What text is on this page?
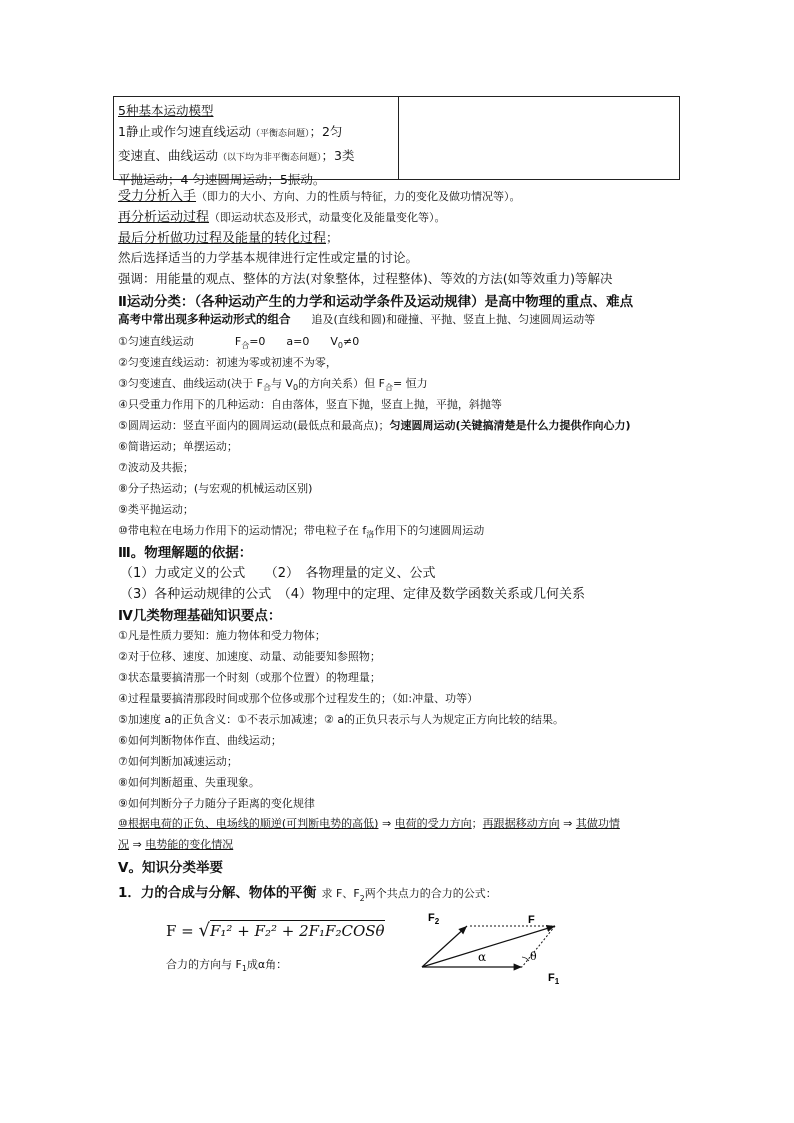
5种基本运动模型
1静止或作匀速直线运动（平衡态问题）；2匀
变速直、曲线运动（以下均为非平衡态问题）；3类
平抛运动；4 匀速圆周运动；5振动。
受力分析入手（即力的大小、方向、力的性质与特征，力的变化及做功情况等）。
再分析运动过程（即运动状态及形式，动量变化及能量变化等）。
最后分析做功过程及能量的转化过程；
然后选择适当的力学基本规律进行定性或定量的讨论。
强调：用能量的观点、整体的方法(对象整体，过程整体)、等效的方法(如等效重力)等解决
Ⅱ运动分类：（各种运动产生的力学和运动学条件及运动规律）是高中物理的重点、难点
高考中常出现多种运动形式的组合 追及(直线和圆)和碰撞、平抛、竖直上抛、匀速圆周运动等
①匀速直线运动	$F_合=0$ a=0 $V_0\ne 0$
②匀变速直线运动：初速为零或初速不为零，
③匀变速直、曲线运动(决于 $F_合$与 $V_0$的方向关系）但 $F_合=$ 恒力
④只受重力作用下的几种运动：自由落体，竖直下抛，竖直上抛，平抛，斜抛等
⑤圆周运动：竖直平面内的圆周运动(最低点和最高点)；匀速圆周运动(关键搞清楚是什么力提供作向心力)
⑥简谐运动；单摆运动；
⑦波动及共振；
⑧分子热运动；(与宏观的机械运动区别)
⑨类平抛运动；
⑩带电粒在电场力作用下的运动情况；带电粒子在 $f_洛$作用下的匀速圆周运动
Ⅲ。物理解题的依据：
（1）力或定义的公式　　（2）　各物理量的定义、公式
（3）各种运动规律的公式　（4）物理中的定理、定律及数学函数关系或几何关系
Ⅳ几类物理基础知识要点：
①凡是性质力要知：施力物体和受力物体；
②对于位移、速度、加速度、动量、动能要知参照物；
③状态量要搞清那一个时刻（或那个位置）的物理量；
④过程量要搞清那段时间或那个位侈或那个过程发生的；（如:冲量、功等）
⑤加速度 a的正负含义：①不表示加减速；② a的正负只表示与人为规定正方向比较的结果。
⑥如何判断物体作直、曲线运动；
⑦如何判断加减速运动；
⑧如何判断超重、失重现象。
⑨如何判断分子力随分子距离的变化规律
⑩根据电荷的正负、电场线的顺逆(可判断电势的高低) ⇒ 电荷的受力方向；再跟据移动方向 ⇒ 其做功情
况 ⇒ 电势能的变化情况
V。知识分类举要
1．力的合成与分解、物体的平衡 求 F、$F_2$两个共点力的合力的公式：
F = √F₁² + F₂² + 2F₁F₂COSθ
合力的方向与 $F_1$成α角：
$F_2$	F
α	θ
$F_1$
